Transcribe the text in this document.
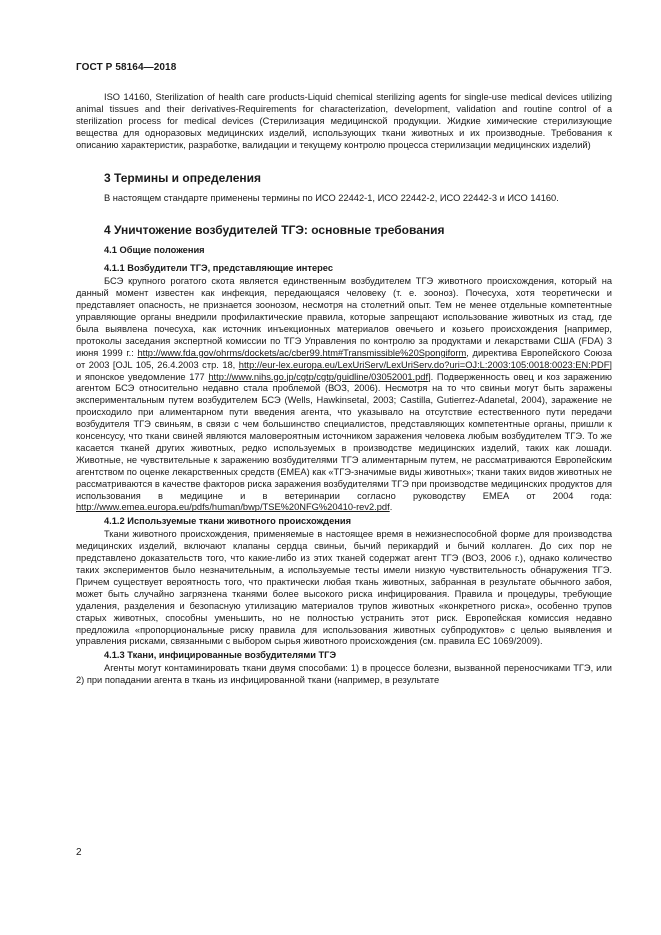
ГОСТ Р 58164—2018

ISO 14160, Sterilization of health care products-Liquid chemical sterilizing agents for single-use medical devices utilizing animal tissues and their derivatives-Requirements for characterization, development, validation and routine control of a sterilization process for medical devices (Стерилизация медицинской продукции. Жидкие химические стерилизующие вещества для одноразовых медицинских изделий, использующих ткани животных и их производные. Требования к описанию характеристик, разработке, валидации и текущему контролю процесса стерилизации медицинских изделий)

3 Термины и определения

В настоящем стандарте применены термины по ИСО 22442-1, ИСО 22442-2, ИСО 22442-3 и ИСО 14160.

4 Уничтожение возбудителей ТГЭ: основные требования
4.1 Общие положения
4.1.1 Возбудители ТГЭ, представляющие интерес

БСЭ крупного рогатого скота является единственным возбудителем ТГЭ животного происхождения, который на данный момент известен как инфекция, передающаяся человеку (т. е. зооноз). Почесуха, хотя теоретически и представляет опасность, не признается зоонозом, несмотря на столетний опыт. Тем не менее отдельные компетентные управляющие органы внедрили профилактические правила, которые запрещают использование животных из стад, где была выявлена почесуха, как источник инъекционных материалов овечьего и козьего происхождения [например, протоколы заседания экспертной комиссии по ТГЭ Управления по контролю за продуктами и лекарствами США (FDA) 3 июня 1999 г.: http://www.fda.gov/ohrms/dockets/ac/cber99.htm#Transmissible%20Spongiform, директива Европейского Союза от 2003 [OJL 105, 26.4.2003 стр. 18, http://eur-lex.europa.eu/LexUriServ/LexUriServ.do?uri=OJ:L:2003:105:0018:0023:EN:PDF] и японское уведомление 177 http://www.nihs.go.jp/cgtp/cgtp/guidline/03052001.pdf]. Подверженность овец и коз заражению агентом БСЭ относительно недавно стала проблемой (ВОЗ, 2006). Несмотря на то что свиньи могут быть заражены экспериментальным путем возбудителем БСЭ (Wells, Hawkinsetal, 2003; Castilla, Gutierrez-Adanetal, 2004), заражение не происходило при алиментарном пути введения агента, что указывало на отсутствие естественного пути передачи возбудителя ТГЭ свиньям, в связи с чем большинство специалистов, представляющих компетентные органы, пришли к консенсусу, что ткани свиней являются маловероятным источником заражения человека любым возбудителем ТГЭ. То же касается тканей других животных, редко используемых в производстве медицинских изделий, таких как лошади. Животные, не чувствительные к заражению возбудителями ТГЭ алиментарным путем, не рассматриваются Европейским агентством по оценке лекарственных средств (ЕМЕА) как «ТГЭ-значимые виды животных»; ткани таких видов животных не рассматриваются в качестве факторов риска заражения возбудителями ТГЭ при производстве медицинских продуктов для использования в медицине и в ветеринарии согласно руководству ЕМЕА от 2004 года: http://www.emea.europa.eu/pdfs/human/bwp/TSE%20NFG%20410-rev2.pdf.

4.1.2 Используемые ткани животного происхождения

Ткани животного происхождения, применяемые в настоящее время в нежизнеспособной форме для производства медицинских изделий, включают клапаны сердца свиньи, бычий перикардий и бычий коллаген. До сих пор не представлено доказательств того, что какие-либо из этих тканей содержат агент ТГЭ (ВОЗ, 2006 г.), однако количество таких экспериментов было незначительным, а используемые тесты имели низкую чувствительность обнаружения ТГЭ. Причем существует вероятность того, что практически любая ткань животных, забранная в результате обычного забоя, может быть случайно загрязнена тканями более высокого риска инфицирования. Правила и процедуры, требующие удаления, разделения и безопасную утилизацию материалов трупов животных «конкретного риска», особенно трупов старых животных, способны уменьшить, но не полностью устранить этот риск. Европейская комиссия недавно предложила «пропорциональные риску правила для использования животных субпродуктов» с целью выявления и управления рисками, связанными с выбором сырья животного происхождения (см. правила ЕС 1069/2009).

4.1.3 Ткани, инфицированные возбудителями ТГЭ

Агенты могут контаминировать ткани двумя способами: 1) в процессе болезни, вызванной переносчиками ТГЭ, или 2) при попадании агента в ткань из инфицированной ткани (например, в результате

2
